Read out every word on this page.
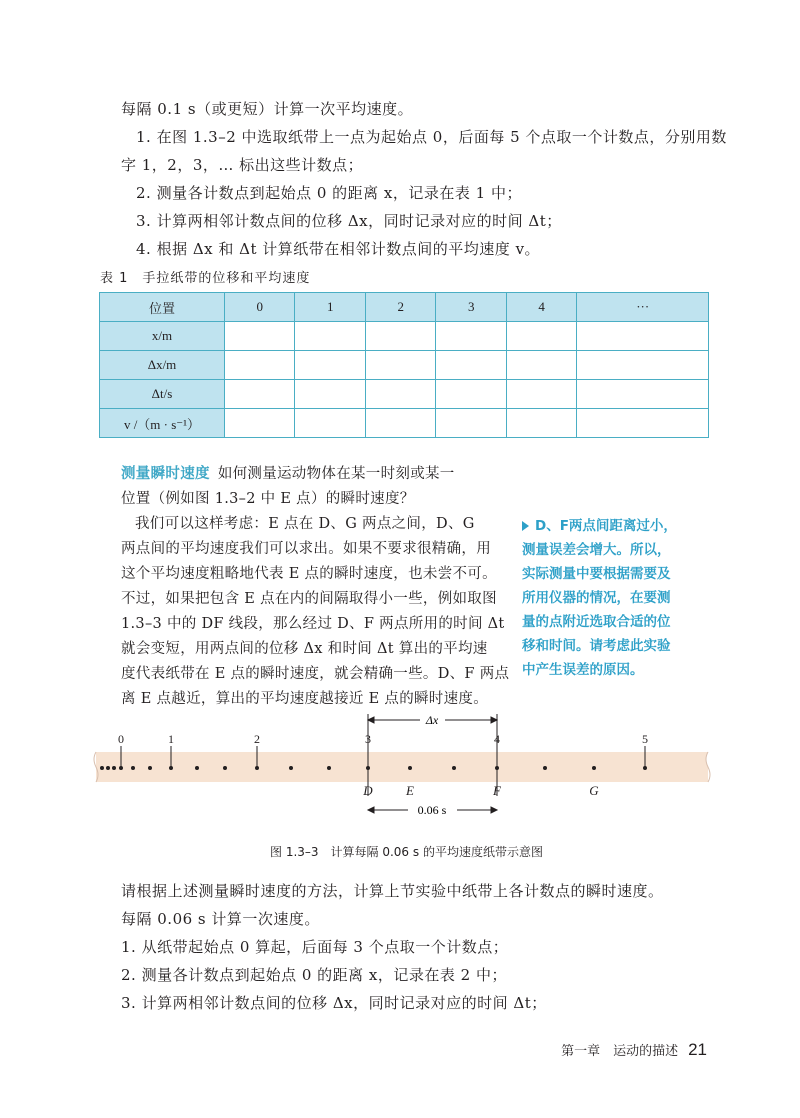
每隔 0.1 s（或更短）计算一次平均速度。
1. 在图 1.3–2 中选取纸带上一点为起始点 0，后面每 5 个点取一个计数点，分别用数
字 1，2，3，… 标出这些计数点；
2. 测量各计数点到起始点 0 的距离 x，记录在表 1 中；
3. 计算两相邻计数点间的位移 Δx，同时记录对应的时间 Δt；
4. 根据 Δx 和 Δt 计算纸带在相邻计数点间的平均速度 v。
表 1　手拉纸带的位移和平均速度
位置	0	1	2	3	4	···
x/m						
Δx/m						
Δt/s						
v /（m · s⁻¹）						

测量瞬时速度 如何测量运动物体在某一时刻或某一

位置（例如图 1.3–2 中 E 点）的瞬时速度？

我们可以这样考虑：E 点在 D、G 两点之间，D、G

两点间的平均速度我们可以求出。如果不要求很精确，用

这个平均速度粗略地代表 E 点的瞬时速度，也未尝不可。

不过，如果把包含 E 点在内的间隔取得小一些，例如取图

1.3–3 中的 DF 线段，那么经过 D、F 两点所用的时间 Δt

就会变短，用两点间的位移 Δx 和时间 Δt 算出的平均速

度代表纸带在 E 点的瞬时速度，就会精确一些。D、F 两点

离 E 点越近，算出的平均速度越接近 E 点的瞬时速度。

D、F两点间距离过小，
测量误差会增大。所以，
实际测量中要根据需要及
所用仪器的情况，在要测
量的点附近选取合适的位
移和时间。请考虑此实验
中产生误差的原因。
0	1	2	3	4	5
Δx
D	E	F	G
0.06 s
图 1.3–3　计算每隔 0.06 s 的平均速度纸带示意图
请根据上述测量瞬时速度的方法，计算上节实验中纸带上各计数点的瞬时速度。
每隔 0.06 s 计算一次速度。
1. 从纸带起始点 0 算起，后面每 3 个点取一个计数点；
2. 测量各计数点到起始点 0 的距离 x，记录在表 2 中；
3. 计算两相邻计数点间的位移 Δx，同时记录对应的时间 Δt；
第一章　运动的描述 21
